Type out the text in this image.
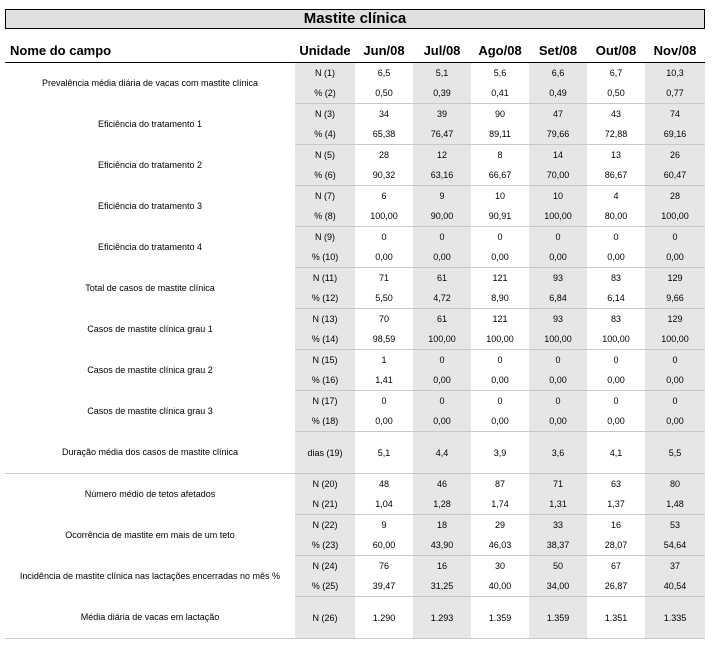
Mastite clínica
Nome do campo	Unidade	Jun/08	Jul/08	Ago/08	Set/08	Out/08	Nov/08
Prevalência média diária de vacas com mastite clínica	N (1)	6,5	5,1	5,6	6,6	6,7	10,3
	% (2)	0,50	0,39	0,41	0,49	0,50	0,77
Eficiência do tratamento 1	N (3)	34	39	90	47	43	74
	% (4)	65,38	76,47	89,11	79,66	72,88	69,16
Eficiência do tratamento 2	N (5)	28	12	8	14	13	26
	% (6)	90,32	63,16	66,67	70,00	86,67	60,47
Eficiência do tratamento 3	N (7)	6	9	10	10	4	28
	% (8)	100,00	90,00	90,91	100,00	80,00	100,00
Eficiência do tratamento 4	N (9)	0	0	0	0	0	0
	% (10)	0,00	0,00	0,00	0,00	0,00	0,00
Total de casos de mastite clínica	N (11)	71	61	121	93	83	129
	% (12)	5,50	4,72	8,90	6,84	6,14	9,66
Casos de mastite clínica grau 1	N (13)	70	61	121	93	83	129
	% (14)	98,59	100,00	100,00	100,00	100,00	100,00
Casos de mastite clínica grau 2	N (15)	1	0	0	0	0	0
	% (16)	1,41	0,00	0,00	0,00	0,00	0,00
Casos de mastite clínica grau 3	N (17)	0	0	0	0	0	0
	% (18)	0,00	0,00	0,00	0,00	0,00	0,00
Duração média dos casos de mastite clínica	dias (19)	5,1	4,4	3,9	3,6	4,1	5,5
Número médio de tetos afetados	N (20)	48	46	87	71	63	80
	N (21)	1,04	1,28	1,74	1,31	1,37	1,48
Ocorrência de mastite em mais de um teto	N (22)	9	18	29	33	16	53
	% (23)	60,00	43,90	46,03	38,37	28,07	54,64
Incidência de mastite clínica nas lactações encerradas no mês %	N (24)	76	16	30	50	67	37
	% (25)	39,47	31,25	40,00	34,00	26,87	40,54
Média diária de vacas em lactação	N (26)	1.290	1.293	1.359	1.359	1.351	1.335
